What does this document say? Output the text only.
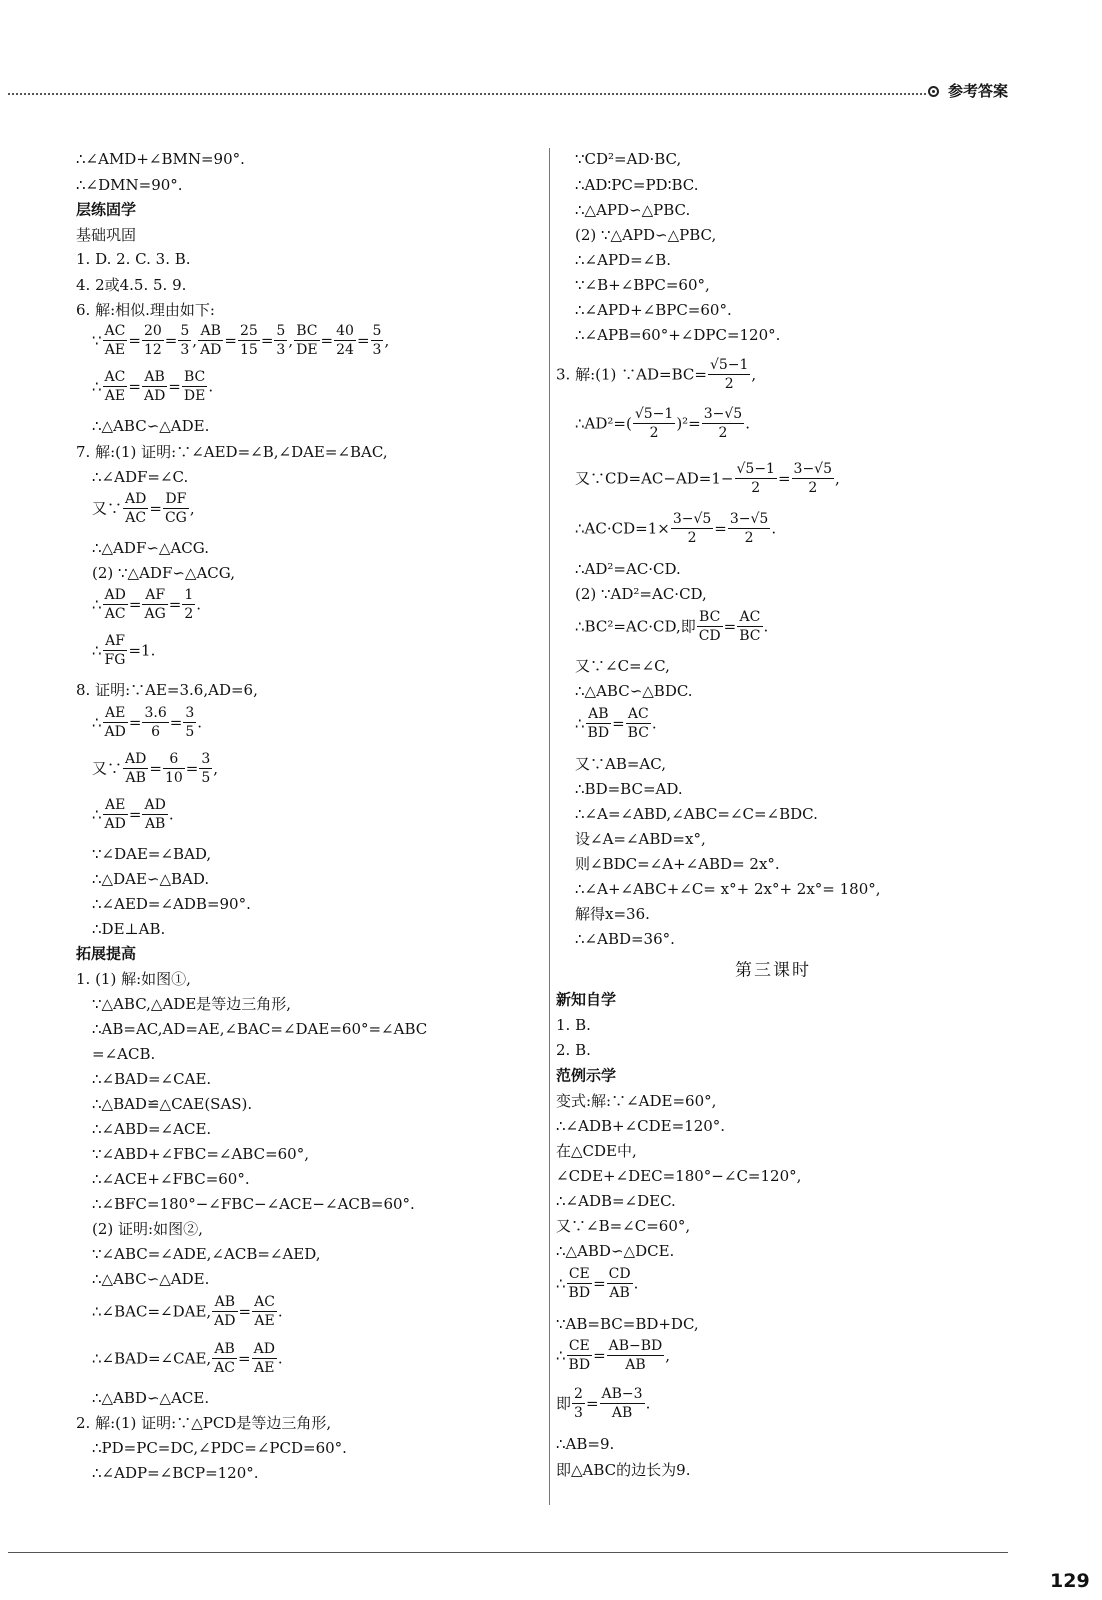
参考答案
∴∠AMD+∠BMN=90°.
∴∠DMN=90°.
层练固学
基础巩固
1. D. 2. C. 3. B.
4. 2或4.5. 5. 9.
6. 解:相似.理由如下:
∵ $\frac{AC}{AE} = \frac{20}{12} = \frac{5}{3}$ , $\frac{AB}{AD} = \frac{25}{15} = \frac{5}{3}$ , $\frac{BC}{DE} = \frac{40}{24} = \frac{5}{3}$ ,
∴ $\frac{AC}{AE} = \frac{AB}{AD} = \frac{BC}{DE}$ .
∴△ABC∽△ADE.
7. 解:(1) 证明:∵∠AED=∠B,∠DAE=∠BAC,
∴∠ADF=∠C.
又∵ $\frac{AD}{AC} = \frac{DF}{CG}$ ,
∴△ADF∽△ACG.
(2) ∵△ADF∽△ACG,
∴ $\frac{AD}{AC} = \frac{AF}{AG} = \frac{1}{2}$ .
∴ $\frac{AF}{FG} =1$.
8. 证明:∵AE=3.6,AD=6,
∴ $\frac{AE}{AD} = \frac{3.6}{6} = \frac{3}{5}$ .
又∵ $\frac{AD}{AB} = \frac{6}{10} = \frac{3}{5}$ ,
∴ $\frac{AE}{AD} = \frac{AD}{AB}$ .
∵∠DAE=∠BAD,
∴△DAE∽△BAD.
∴∠AED=∠ADB=90°.
∴DE⊥AB.
拓展提高
1. (1) 解:如图①,
∵△ABC,△ADE是等边三角形,
∴AB=AC,AD=AE,∠BAC=∠DAE=60°=∠ABC
=∠ACB.
∴∠BAD=∠CAE.
∴△BAD≌△CAE(SAS).
∴∠ABD=∠ACE.
∵∠ABD+∠FBC=∠ABC=60°,
∴∠ACE+∠FBC=60°.
∴∠BFC=180°−∠FBC−∠ACE−∠ACB=60°.
(2) 证明:如图②,
∵∠ABC=∠ADE,∠ACB=∠AED,
∴△ABC∽△ADE.
∴∠BAC=∠DAE, $\frac{AB}{AD} = \frac{AC}{AE}$ .
∴∠BAD=∠CAE, $\frac{AB}{AC} = \frac{AD}{AE}$ .
∴△ABD∽△ACE.
2. 解:(1) 证明:∵△PCD是等边三角形,
∴PD=PC=DC,∠PDC=∠PCD=60°.
∴∠ADP=∠BCP=120°.
∵CD²=AD·BC,
∴AD∶PC=PD∶BC.
∴△APD∽△PBC.
(2) ∵△APD∽△PBC,
∴∠APD=∠B.
∵∠B+∠BPC=60°,
∴∠APD+∠BPC=60°.
∴∠APB=60°+∠DPC=120°.
3. 解:(1) ∵AD=BC= $\frac{√5-1}{2}$ ,
∴AD²=( $\frac{√5-1}{2} )^2= \frac{3-√5}{2}$ .
又∵CD=AC−AD=1− $\frac{√5-1}{2} = \frac{3-√5}{2}$ ,
∴AC·CD=1× $\frac{3-√5}{2} = \frac{3-√5}{2}$ .
∴AD²=AC·CD.
(2) ∵AD²=AC·CD,
∴BC²=AC·CD,即 $\frac{BC}{CD} = \frac{AC}{BC}$ .
又∵∠C=∠C,
∴△ABC∽△BDC.
∴ $\frac{AB}{BD} = \frac{AC}{BC}$ .
又∵AB=AC,
∴BD=BC=AD.
∴∠A=∠ABD,∠ABC=∠C=∠BDC.
设∠A=∠ABD=x°,
则∠BDC=∠A+∠ABD= 2x°.
∴∠A+∠ABC+∠C= x°+ 2x°+ 2x°= 180°,
解得x=36.
∴∠ABD=36°.
第三课时
新知自学
1. B.
2. B.
范例示学
变式:解:∵∠ADE=60°,
∴∠ADB+∠CDE=120°.
在△CDE中,
∠CDE+∠DEC=180°−∠C=120°,
∴∠ADB=∠DEC.
又∵∠B=∠C=60°,
∴△ABD∽△DCE.
∴ $\frac{CE}{BD} = \frac{CD}{AB}$ .
∵AB=BC=BD+DC,
∴ $\frac{CE}{BD} = \frac{AB-BD}{AB}$ ,
即 $\frac{2}{3} = \frac{AB-3}{AB}$ .
∴AB=9.
即△ABC的边长为9.
129
